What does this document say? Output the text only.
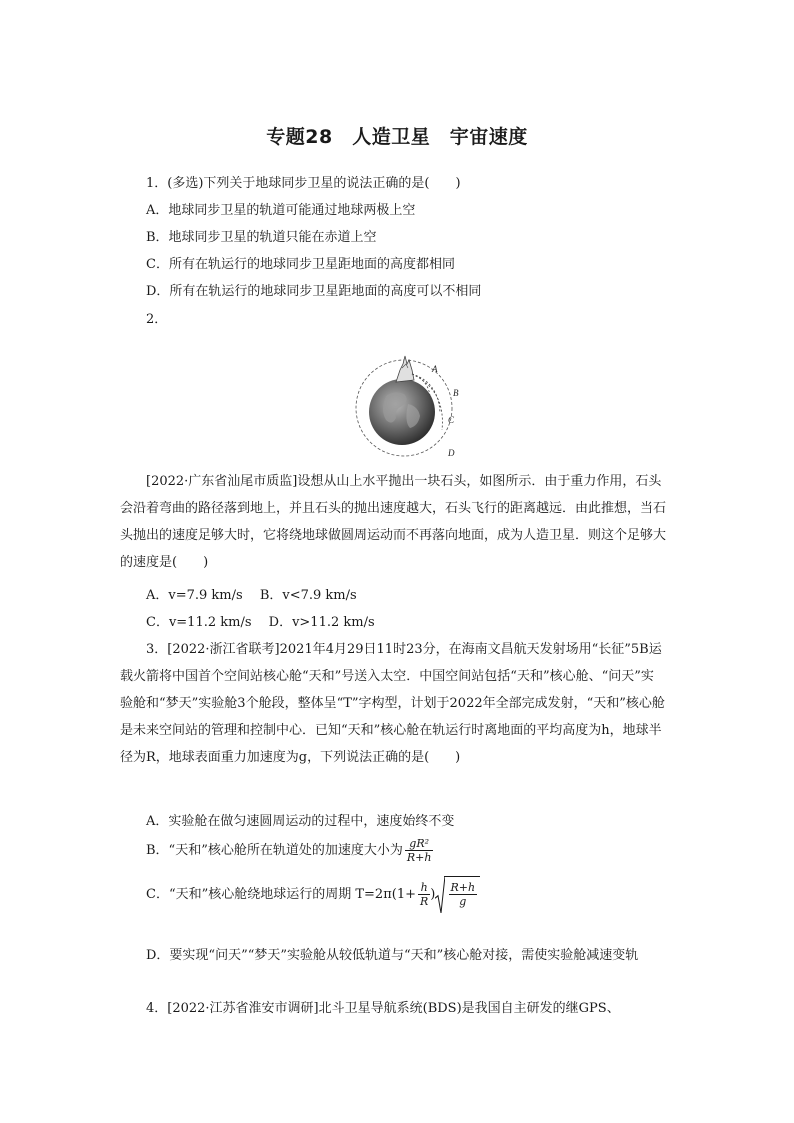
专题28　人造卫星　宇宙速度
1．(多选)下列关于地球同步卫星的说法正确的是(　　)
A．地球同步卫星的轨道可能通过地球两极上空
B．地球同步卫星的轨道只能在赤道上空
C．所有在轨运行的地球同步卫星距地面的高度都相同
D．所有在轨运行的地球同步卫星距地面的高度可以不相同
2．
A
B
C
D
[2022·广东省汕尾市质监]设想从山上水平抛出一块石头，如图所示．由于重力作用，石头会沿着弯曲的路径落到地上，并且石头的抛出速度越大，石头飞行的距离越远．由此推想，当石头抛出的速度足够大时，它将绕地球做圆周运动而不再落向地面，成为人造卫星．则这个足够大的速度是(　　)
A．v=7.9 km/s　 B．v<7.9 km/s
C．v=11.2 km/s　 D．v>11.2 km/s
3．[2022·浙江省联考]2021年4月29日11时23分，在海南文昌航天发射场用“长征”5B运载火箭将中国首个空间站核心舱“天和”号送入太空．中国空间站包括“天和”核心舱、“问天”实验舱和“梦天”实验舱3个舱段，整体呈“T”字构型，计划于2022年全部完成发射，“天和”核心舱是未来空间站的管理和控制中心．已知“天和”核心舱在轨运行时离地面的平均高度为h，地球半径为R，地球表面重力加速度为g，下列说法正确的是(　　)
A．实验舱在做匀速圆周运动的过程中，速度始终不变
B．“天和”核心舱所在轨道处的加速度大小为 $\frac{\text{gR²}}{R+h}$
C．“天和”核心舱绕地球运行的周期 $T=2\pi(1+ \frac{h}{R}$ ) $\frac{R+h}{g}$
D．要实现“问天”“梦天”实验舱从较低轨道与“天和”核心舱对接，需使实验舱减速变轨
4．[2022·江苏省淮安市调研]北斗卫星导航系统(BDS)是我国自主研发的继GPS、
